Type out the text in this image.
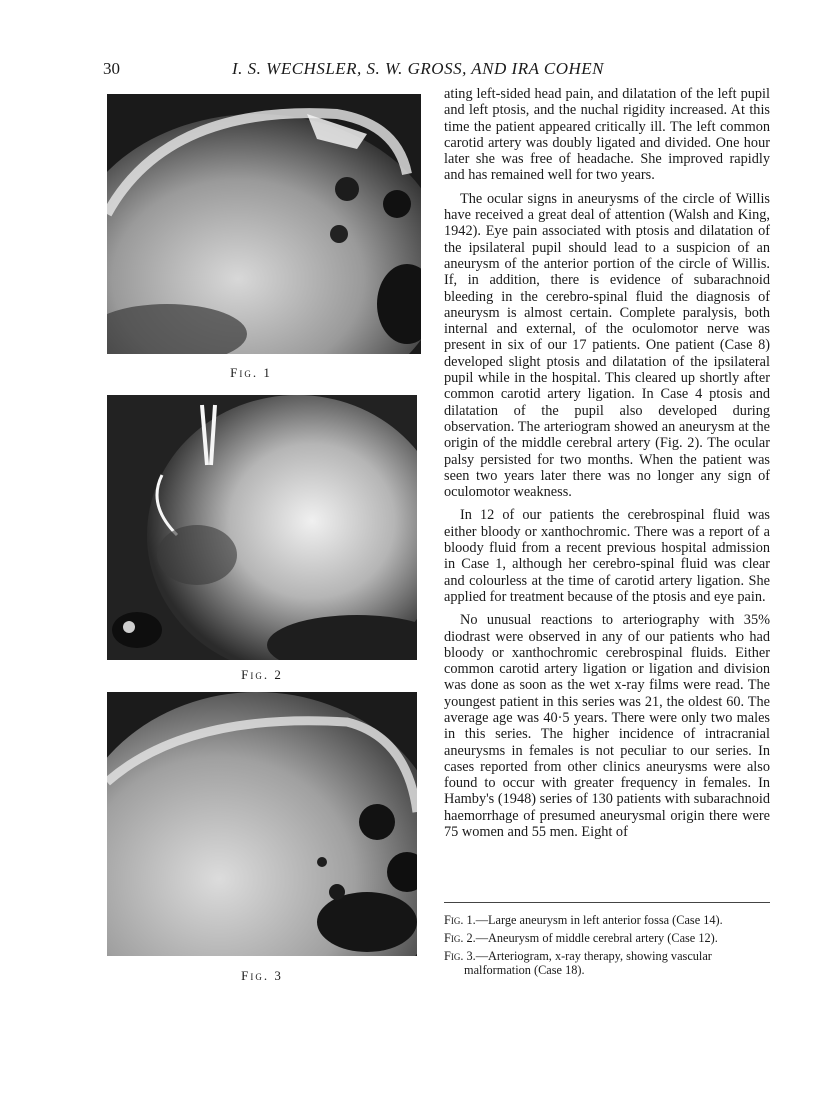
30	I. S. WECHSLER, S. W. GROSS, AND IRA COHEN
Fig. 1
Fig. 2
Fig. 3

ating left-sided head pain, and dilatation of the left pupil and left ptosis, and the nuchal rigidity increased. At this time the patient appeared critically ill. The left common carotid artery was doubly ligated and divided. One hour later she was free of headache. She improved rapidly and has remained well for two years.

The ocular signs in aneurysms of the circle of Willis have received a great deal of attention (Walsh and King, 1942). Eye pain associated with ptosis and dilatation of the ipsilateral pupil should lead to a suspicion of an aneurysm of the anterior portion of the circle of Willis. If, in addition, there is evidence of subarachnoid bleeding in the cerebro-spinal fluid the diagnosis of aneurysm is almost certain. Complete paralysis, both internal and external, of the oculomotor nerve was present in six of our 17 patients. One patient (Case 8) developed slight ptosis and dilatation of the ipsilateral pupil while in the hospital. This cleared up shortly after common carotid artery ligation. In Case 4 ptosis and dilatation of the pupil also developed during observation. The arteriogram showed an aneurysm at the origin of the middle cerebral artery (Fig. 2). The ocular palsy persisted for two months. When the patient was seen two years later there was no longer any sign of oculomotor weakness.

In 12 of our patients the cerebrospinal fluid was either bloody or xanthochromic. There was a report of a bloody fluid from a recent previous hospital admission in Case 1, although her cerebro-spinal fluid was clear and colourless at the time of carotid artery ligation. She applied for treatment because of the ptosis and eye pain.

No unusual reactions to arteriography with 35% diodrast were observed in any of our patients who had bloody or xanthochromic cerebrospinal fluids. Either common carotid artery ligation or ligation and division was done as soon as the wet x-ray films were read. The youngest patient in this series was 21, the oldest 60. The average age was 40·5 years. There were only two males in this series. The higher incidence of intracranial aneurysms in females is not peculiar to our series. In cases reported from other clinics aneurysms were also found to occur with greater frequency in females. In Hamby's (1948) series of 130 patients with subarachnoid haemorrhage of presumed aneurysmal origin there were 75 women and 55 men. Eight of

Fig. 1.—Large aneurysm in left anterior fossa (Case 14).
Fig. 2.—Aneurysm of middle cerebral artery (Case 12).
Fig. 3.—Arteriogram, x-ray therapy, showing vascular malformation (Case 18).
